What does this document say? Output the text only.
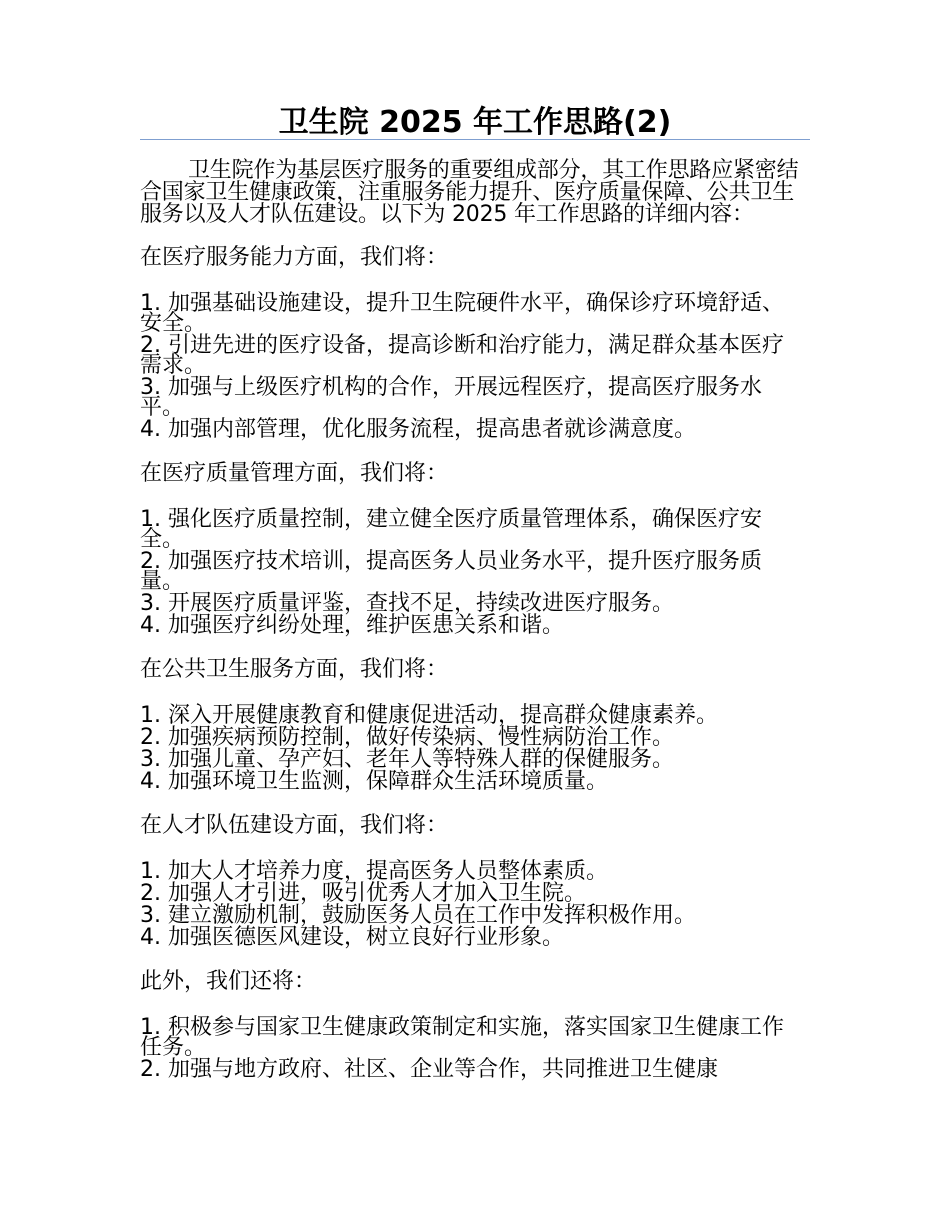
卫生院 2025 年工作思路(2)

卫生院作为基层医疗服务的重要组成部分，其工作思路应紧密结合国家卫生健康政策，注重服务能力提升、医疗质量保障、公共卫生服务以及人才队伍建设。以下为 2025 年工作思路的详细内容：

在医疗服务能力方面，我们将：

1. 加强基础设施建设，提升卫生院硬件水平，确保诊疗环境舒适、安全。
2. 引进先进的医疗设备，提高诊断和治疗能力，满足群众基本医疗需求。
3. 加强与上级医疗机构的合作，开展远程医疗，提高医疗服务水平。
4. 加强内部管理，优化服务流程，提高患者就诊满意度。

在医疗质量管理方面，我们将：

1. 强化医疗质量控制，建立健全医疗质量管理体系，确保医疗安全。
2. 加强医疗技术培训，提高医务人员业务水平，提升医疗服务质量。
3. 开展医疗质量评鉴，查找不足，持续改进医疗服务。
4. 加强医疗纠纷处理，维护医患关系和谐。

在公共卫生服务方面，我们将：

1. 深入开展健康教育和健康促进活动，提高群众健康素养。
2. 加强疾病预防控制，做好传染病、慢性病防治工作。
3. 加强儿童、孕产妇、老年人等特殊人群的保健服务。
4. 加强环境卫生监测，保障群众生活环境质量。

在人才队伍建设方面，我们将：

1. 加大人才培养力度，提高医务人员整体素质。
2. 加强人才引进，吸引优秀人才加入卫生院。
3. 建立激励机制，鼓励医务人员在工作中发挥积极作用。
4. 加强医德医风建设，树立良好行业形象。

此外，我们还将：

1. 积极参与国家卫生健康政策制定和实施，落实国家卫生健康工作任务。
2. 加强与地方政府、社区、企业等合作，共同推进卫生健康
